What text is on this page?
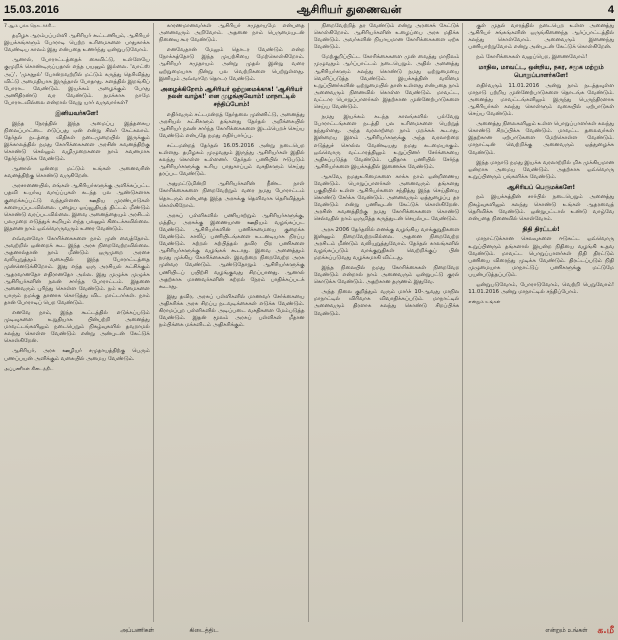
15.03.2016	ஆசிரியர் துணைவன்	4

7 ஆம் பக்க தொடர்ச்சி...

தமிழக ஆரம்பப்பள்ளி ஆசிரியர் கூட்டணியும், ஆசிரியர் இயக்கங்களும் போராடி பெற்ற உரிமைகளை பாதுகாக்க வேண்டிய காலம் இது என்பதை உணர்ந்து ஒன்றுபடுவோம்.

ஆனால், போராட்டத்தைக் கைவிட்டு, உள்ளேயே குமுறிக் கொண்டிருப்பதால் எந்த பயனும் இல்லை. 'வாட்ஸ் அப்', 'முகநூல்' போன்றவற்றில் மட்டும் கருத்து தெரிவித்து விட்டு அமைதியாக இருந்தால் போதாது. களத்தில் இறங்கிப் போராட வேண்டும். இயக்கம் அழைக்கும் போது அணிதிரண்டு வர வேண்டும். நமக்காக நாமே போராடவில்லை என்றால் வேறு யார் வருவார்கள்?

இனியவர்களே!

இந்த நேரத்தில் இந்த அமைப்பு இத்தகைய நிலைப்பாட்டை எடுப்பது ஏன் என்று சிலர் கேட்கலாம். தேர்தல் நடத்தை விதிகள் நடைமுறையில் இருக்கும் இக்காலத்தில் நமது கோரிக்கைகளை அரசின் கவனத்திற்கு கொண்டு செல்லும் வழிமுறைகளை நாம் கவனமாக தேர்ந்தெடுக்க வேண்டும்.

ஆனால் ஒன்றை மட்டும் உங்கள் அனைவரின் கவனத்திற்கு கொண்டு வருகிறேன்.

அரசாணையில், எங்கள் ஆசிரியர்களுக்கு அளிக்கப்பட்ட பதவி உயர்வு வாய்ப்புகள் கடந்த பல ஆண்டுகளாக குறைக்கப்பட்டு வந்துள்ளன. ஊதிய முரண்பாடுகள் களையப்படவில்லை. பழைய ஓய்வூதியத் திட்டம் மீண்டும் கொண்டு வரப்படவில்லை. இவை அனைத்தையும் அரசிடம் பலமுறை எடுத்துக் கூறியும் எந்த பலனும் கிடைக்கவில்லை. இதனை நாம் ஒவ்வொருவரும் உணர வேண்டும்.

எவ்வளவோ கோரிக்கைகளை நாம் முன் வைத்தோம். அவற்றில் ஒன்றைக் கூட இந்த அரசு நிறைவேற்றவில்லை. அதனால்தான் நாம் மீண்டும் ஒருமுறை அரசை வலியுறுத்தும் வகையில் இந்த போராட்டத்தை முன்னெடுக்கிறோம். இது எந்த ஒரு அரசியல் கட்சிக்கும் ஆதரவானதோ எதிரானதோ அல்ல. இது முழுக்க முழுக்க ஆசிரியர்களின் நலன் சார்ந்த போராட்டம். இதனை அனைவரும் புரிந்து கொள்ள வேண்டும். நம் உரிமைகளை யாரும் நமக்கு தானாக கொடுத்து விட மாட்டார்கள். நாம் தான் போராடிப் பெற வேண்டும்.

எனவே நாம், இந்த கூட்டத்தில் எடுக்கப்படும் முடிவுகளை உறுதியாக பின்பற்றி அனைத்து மாவட்டங்களிலும் நடைபெறும் நிகழ்வுகளில் தவறாமல் கலந்து கொள்ள வேண்டும் என்று அன்புடன் கேட்டுக் கொள்கிறேன்.

ஆசிரியர், அரசு ஊழியர் சமுதாயத்திற்கு பெரும் பணப்பயன் அளிக்கும் வகையில் அமைய வேண்டும்.

அப்பணிகள் கிடைத்திட

காரணமானவர்கள் ஆசிரியர் சமுதாயமே என்பதை அனைவரும் அறிவோம். அதனை நாம் பெருமையுடன் நினைவு கூர வேண்டும்.

எனவேதான் மேலும் தொடர வேண்டும் என்ற நோக்கத்தோடு இந்த முயற்சியை மேற்கொள்கிறோம். ஆசிரியர் சமுதாயம் அன்று முதல் இன்று வரை ஒற்றுமையாக நின்று பல வெற்றிகளை பெற்றுள்ளது. இனியும் அவ்வாறே தொடர வேண்டும்.

அழைக்கிறோம் ஆசிரியர் ஒற்றுமைக்காக! 'ஆசிரியர் நலன் வாழ்க!' என முழங்குவோம்! மாநாட்டில் சந்திப்போம்!

எதிர்வரும் சட்டமன்றத் தேர்தலை முன்னிட்டு, அனைத்து அரசியல் கட்சிகளும் தங்களது தேர்தல் அறிக்கையில் ஆசிரியர் நலன் சார்ந்த கோரிக்கைகளை இடம்பெறச் செய்ய வேண்டும் என்பதே நமது எதிர்பார்ப்பு.

சட்டமன்றத் தேர்தல் 16.05.2016 அன்று நடைபெற உள்ளது. தமிழகம் முழுவதும் இருந்து ஆசிரியர்கள் இதில் கலந்து கொள்ள உள்ளனர். தேர்தல் பணியில் ஈடுபடும் ஆசிரியர்களுக்கு உரிய பாதுகாப்பும் வசதிகளும் செய்து தரப்பட வேண்டும்.

அதுமட்டுமின்றி ஆசிரியர்களின் நீண்ட நாள் கோரிக்கைகளை நிறைவேற்றும் வரை நமது போராட்டம் தொடரும் என்பதை இந்த அரசுக்கு தெளிவாக தெரிவித்துக் கொள்கிறோம்.

அரசுப் பள்ளிகளில் பணியாற்றும் ஆசிரியர்களுக்கு, மத்திய அரசுக்கு இணையான ஊதியம் வழங்கப்பட வேண்டும். ஆசிரியர்களின் பணிச்சுமையை குறைக்க வேண்டும். காலிப் பணியிடங்களை உடனடியாக நிரப்ப வேண்டும். கற்றல் கற்பித்தல் தவிர பிற பணிகளை ஆசிரியர்களுக்கு வழங்கக் கூடாது. இவை அனைத்தும் நமது முக்கிய கோரிக்கைகள். இவற்றை நிறைவேற்ற அரசு முன்வர வேண்டும். ஆண்டுதோறும் ஆசிரியர்களுக்கு பணியிடப் பயிற்சி வழங்குவது சிறப்பானது. ஆனால் அதற்காக மாணவர்களின் கற்றல் நேரம் பாதிக்கப்படக் கூடாது.

இது தவிர, அரசுப் பள்ளிகளில் மாணவர் சேர்க்கையை அதிகரிக்க அரசு சிறப்பு நடவடிக்கைகள் எடுக்க வேண்டும். கிராமப்புற பள்ளிகளில் அடிப்படை வசதிகளை மேம்படுத்த வேண்டும். இதன் மூலம் அரசுப் பள்ளிகள் மீதான நம்பிக்கை மக்களிடம் அதிகரிக்கும்.

நிறைவேற்றித் தர வேண்டும் என்று அரசைக் கேட்டுக் கொள்கிறோம். ஆசிரியர்களின் உழைப்பை அரசு மதிக்க வேண்டும். அவர்களின் நியாயமான கோரிக்கைகளை ஏற்க வேண்டும்.

மேற்குறிப்பிட்ட கோரிக்கைகளை முன் வைத்து மாநிலம் முழுவதும் ஆர்ப்பாட்டம் நடைபெறும். அதில் அனைத்து ஆசிரியர்களும் கலந்து கொண்டு நமது ஒற்றுமையை வெளிப்படுத்த வேண்டும். இயக்கத்தின் வலிமை உறுப்பினர்களின் ஒற்றுமையில் தான் உள்ளது என்பதை நாம் அனைவரும் நினைவில் கொள்ள வேண்டும். மாவட்ட, வட்டார பொறுப்பாளர்கள் இதற்கான முன்னேற்பாடுகளை செய்ய வேண்டும்.

நமது இயக்கம் கடந்த காலங்களில் பல்வேறு போராட்டங்களை நடத்தி பல உரிமைகளை பெற்றுத் தந்துள்ளது. அந்த வரலாற்றை நாம் மறக்கக் கூடாது. இன்றைய இளம் ஆசிரியர்களுக்கு அந்த வரலாற்றை எடுத்துச் சொல்ல வேண்டியது நமது கடமையாகும். ஒவ்வொரு வட்டாரத்திலும் உறுப்பினர் சேர்க்கையை அதிகப்படுத்த வேண்டும். புதிதாக பணியில் சேர்ந்த ஆசிரியர்களை இயக்கத்தில் இணைக்க வேண்டும்.

ஆகவே, நமதுஉரிமைகளை காக்க நாம் ஒன்றிணைய வேண்டும். பொறுப்பாளர்கள் அனைவரும் தங்களது பகுதியில் உள்ள ஆசிரியர்களை சந்தித்து இந்த செய்தியை கொண்டு சேர்க்க வேண்டும். அனைவரும் ஒத்துழைப்பு தர வேண்டும் என்று பணிவுடன் கேட்டுக் கொள்கிறேன். அரசின் கவனத்திற்கு நமது கோரிக்கைகளை கொண்டு செல்வதில் நாம் ஒருமித்த கருத்துடன் செயல்பட வேண்டும்.

அரசு 2006 தேர்தலில் எனக்கு வழங்கிய வாக்குறுதிகளை இன்னும் நிறைவேற்றவில்லை. அதனை நிறைவேற்ற அரசிடம் மீண்டும் வலியுறுத்துவோம். தேர்தல் காலங்களில் வழங்கப்படும் வாக்குறுதிகள் வெற்றிக்குப் பின் மறக்கப்படுவது வழக்கமாகி விட்டது.

இந்த நிலையில் நமது கோரிக்கைகள் நிறைவேற வேண்டும் என்றால் நாம் அனைவரும் ஒன்றுபட்டு குரல் கொடுக்க வேண்டும். அதற்கான தருணம் இதுவே.

அந்த நிலை குறித்தும் வரும் மார்ச் 10-ஆவது மாநில மாநாட்டில் விரிவாக விவாதிக்கப்படும். மாநாட்டில் அனைவரும் திரளாக கலந்து கொண்டு சிறப்பிக்க வேண்டும்.

குள் முதல் வாரத்தில் நடைபெற உள்ள அனைத்து ஆசிரியர் சங்கங்களின் ஒருங்கிணைந்த ஆர்ப்பாட்டத்தில் கலந்து கொள்வோம். அனைவரும் இணைந்து பணியாற்றுவோம் என்று அன்புடன் கேட்டுக் கொள்கிறேன்.

நம் கோரிக்கைகள் வலுப்பெற, இணைவோம்!

மாநில, மாவட்ட, ஒன்றிய, நகர, சமூக மற்றும் பொறுப்பாளர்களே!

எதிர்வரும் 11.01.2016 அன்று நாம் நடத்தவுள்ள மாநாடு பற்றிய முன்னேற்பாடுகளை தொடங்க வேண்டும். அனைத்து மாவட்டங்களிலும் இருந்து பெருந்திரளாக ஆசிரியர்கள் கலந்து கொள்ளும் வகையில் ஏற்பாடுகள் செய்ய வேண்டும்.

அனைத்து நிலைகளிலும் உள்ள பொறுப்பாளர்கள் கலந்து கொண்டு சிறப்பிக்க வேண்டும். மாவட்ட தலைவர்கள் இதற்கான ஏற்பாடுகளை மேற்கொள்ள வேண்டும். மாநாட்டின் வெற்றிக்கு அனைவரும் ஒத்துழைக்க வேண்டும்.

இந்த மாநாடு நமது இயக்க வரலாற்றில் மிக முக்கியமான ஒன்றாக அமைய வேண்டும். அதற்காக ஒவ்வொரு உறுப்பினரும் பங்களிக்க வேண்டும்.

ஆசிரியப் பெருமக்களே!

நம் இயக்கத்தின் சார்பில் நடைபெறும் அனைத்து நிகழ்வுகளிலும் கலந்து கொண்டு உங்கள் ஆதரவைத் தெரிவிக்க வேண்டும். ஒன்றுபட்டால் உண்டு வாழ்வே என்பதை நினைவில் கொள்வோம்.

நிதி திரட்டல்!

மாநாட்டுக்கான செலவுகளை ஈடுகட்ட ஒவ்வொரு உறுப்பினரும் தங்களால் இயன்ற நிதியை வழங்கி உதவ வேண்டும். மாவட்ட பொறுப்பாளர்கள் நிதி திரட்டும் பணியை விரைந்து முடிக்க வேண்டும். திரட்டப்படும் நிதி முழுமையாக மாநாட்டுப் பணிகளுக்கு மட்டுமே பயன்படுத்தப்படும்.

ஒன்றுபடுவோம், போராடுவோம், வெற்றி பெறுவோம்! 11.01.2016 அன்று மாநாட்டில் சந்திப்போம்.

என்றும் உங்கள்

அப்பணிகள்	கிடைத்திட	என்றும் உங்கள் க.மீ
